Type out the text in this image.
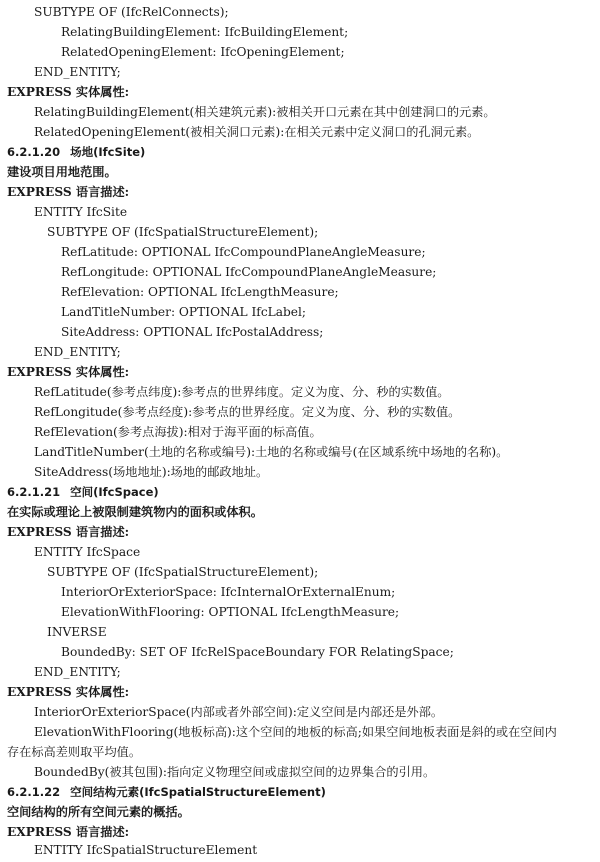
SUBTYPE OF (IfcRelConnects);
RelatingBuildingElement: IfcBuildingElement;
RelatedOpeningElement: IfcOpeningElement;
END_ENTITY;
EXPRESS 实体属性:
RelatingBuildingElement(相关建筑元素):被相关开口元素在其中创建洞口的元素。
RelatedOpeningElement(被相关洞口元素):在相关元素中定义洞口的孔洞元素。
6.2.1.20 场地(IfcSite)
建设项目用地范围。
EXPRESS 语言描述:
ENTITY IfcSite
SUBTYPE OF (IfcSpatialStructureElement);
RefLatitude: OPTIONAL IfcCompoundPlaneAngleMeasure;
RefLongitude: OPTIONAL IfcCompoundPlaneAngleMeasure;
RefElevation: OPTIONAL IfcLengthMeasure;
LandTitleNumber: OPTIONAL IfcLabel;
SiteAddress: OPTIONAL IfcPostalAddress;
END_ENTITY;
EXPRESS 实体属性:
RefLatitude(参考点纬度):参考点的世界纬度。定义为度、分、秒的实数值。
RefLongitude(参考点经度):参考点的世界经度。定义为度、分、秒的实数值。
RefElevation(参考点海拔):相对于海平面的标高值。
LandTitleNumber(土地的名称或编号):土地的名称或编号(在区域系统中场地的名称)。
SiteAddress(场地地址):场地的邮政地址。
6.2.1.21 空间(IfcSpace)
在实际或理论上被限制建筑物内的面积或体积。
EXPRESS 语言描述:
ENTITY IfcSpace
SUBTYPE OF (IfcSpatialStructureElement);
InteriorOrExteriorSpace: IfcInternalOrExternalEnum;
ElevationWithFlooring: OPTIONAL IfcLengthMeasure;
INVERSE
BoundedBy: SET OF IfcRelSpaceBoundary FOR RelatingSpace;
END_ENTITY;
EXPRESS 实体属性:
InteriorOrExteriorSpace(内部或者外部空间):定义空间是内部还是外部。
ElevationWithFlooring(地板标高):这个空间的地板的标高;如果空间地板表面是斜的或在空间内
存在标高差则取平均值。
BoundedBy(被其包围):指向定义物理空间或虚拟空间的边界集合的引用。
6.2.1.22 空间结构元素(IfcSpatialStructureElement)
空间结构的所有空间元素的概括。
EXPRESS 语言描述:
ENTITY IfcSpatialStructureElement
